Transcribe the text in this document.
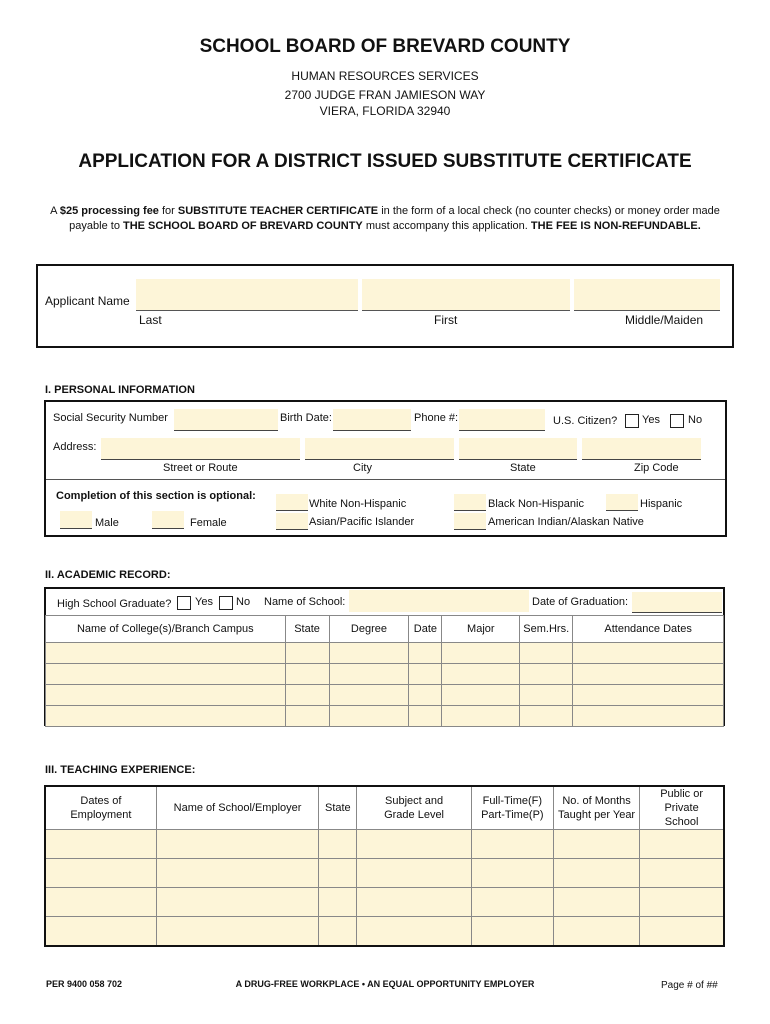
SCHOOL BOARD OF BREVARD COUNTY
HUMAN RESOURCES SERVICES
2700 JUDGE FRAN JAMIESON WAY
VIERA, FLORIDA 32940
APPLICATION FOR A DISTRICT ISSUED SUBSTITUTE CERTIFICATE
A $25 processing fee for SUBSTITUTE TEACHER CERTIFICATE in the form of a local check (no counter checks) or money order made
payable to THE SCHOOL BOARD OF BREVARD COUNTY must accompany this application. THE FEE IS NON-REFUNDABLE.
Applicant Name
Last	First	Middle/Maiden
I. PERSONAL INFORMATION
Social Security Number	Birth Date:	Phone #:	U.S. Citizen? Yes	No
Address:
Street or Route	City	State	Zip Code
Completion of this section is optional:
Male	Female
White Non-Hispanic	Black Non-Hispanic	Hispanic
Asian/Pacific Islander	American Indian/Alaskan Native
II. ACADEMIC RECORD:
High School Graduate? Yes No Name of School:	Date of Graduation:
Name of College(s)/Branch Campus	State	Degree	Date	Major	Sem.Hrs.	Attendance Dates

III. TEACHING EXPERIENCE:
Dates of Employment	Name of School/Employer	State	Subject and Grade Level	Full-Time(F) Part-Time(P)	No. of Months Taught per Year	Public or Private School

PER 9400 058 702	A DRUG-FREE WORKPLACE • AN EQUAL OPPORTUNITY EMPLOYER	Page # of ##
